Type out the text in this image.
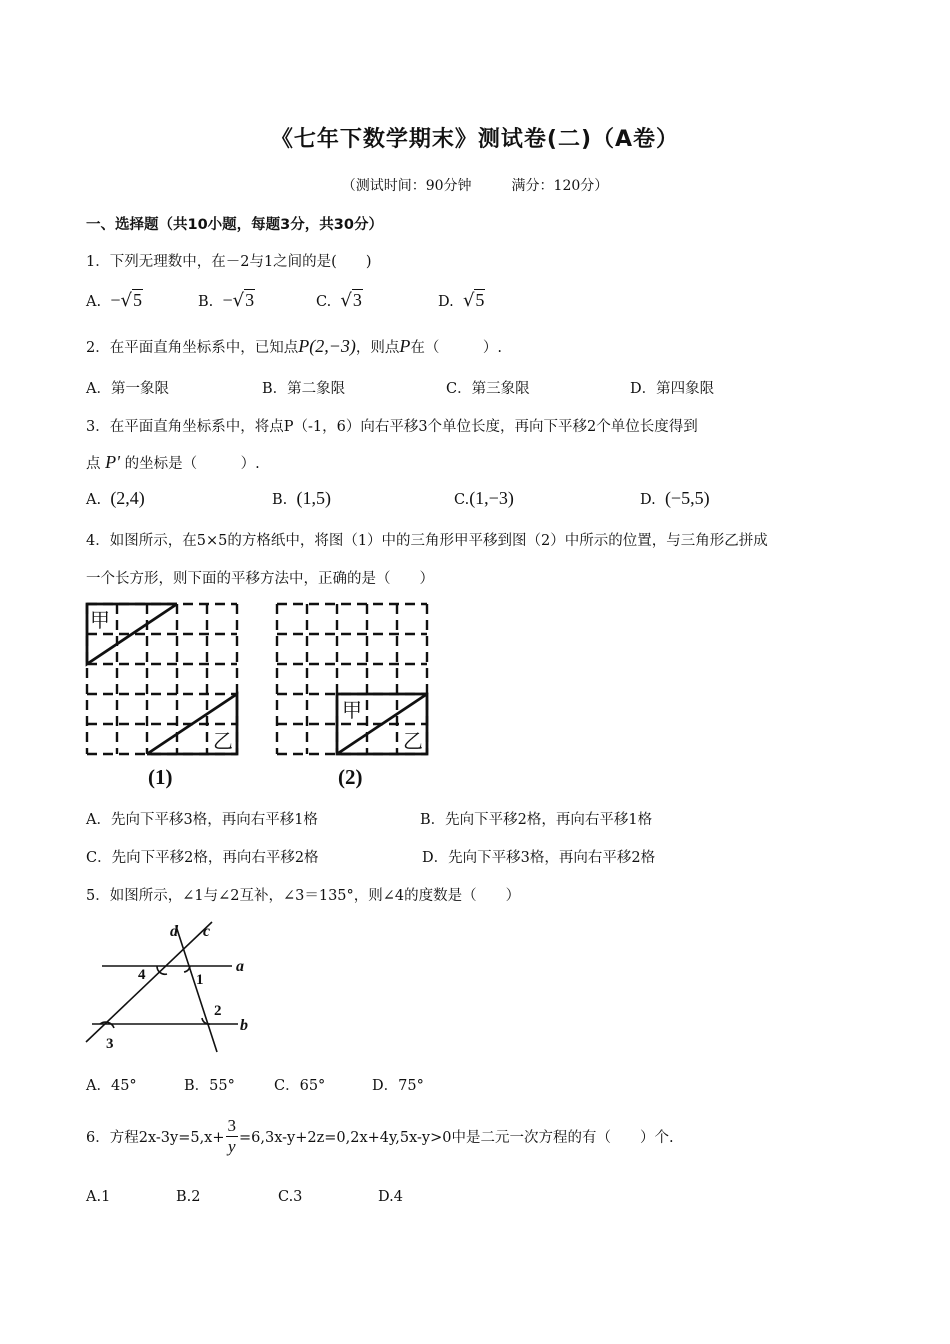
《七年下数学期末》测试卷(二)（A卷）
（测试时间：90分钟	满分：120分）
一、选择题（共10小题，每题3分，共30分）
1．下列无理数中，在－2与1之间的是(　　)
A. −√5	B. −√3	C. √3	D. √5
2．在平面直角坐标系中，已知点P(2,−3)，则点P在（　　　）.
A．第一象限	B．第二象限	C．第三象限	D．第四象限
3．在平面直角坐标系中，将点P（-1，6）向右平移3个单位长度，再向下平移2个单位长度得到
点 P' 的坐标是（　　　）.
A. (2,4)	B. (1,5)	C.(1,−3)	D. (−5,5)
4．如图所示，在5×5的方格纸中，将图（1）中的三角形甲平移到图（2）中所示的位置，与三角形乙拼成
一个长方形，则下面的平移方法中，正确的是（　　）
甲
乙
(1)
甲
乙
(2)
A．先向下平移3格，再向右平移1格	B．先向下平移2格，再向右平移1格
C．先向下平移2格，再向右平移2格	D．先向下平移3格，再向右平移2格
5．如图所示，∠1与∠2互补，∠3＝135°，则∠4的度数是（　　）
d c
a
b
1
2
3
4
A．45°	B．55°	C．65°	D．75°
6．方程$2x-3y=5,x+ \frac{3}{y} =6,3x-y+2z=0,2x+4y,5x-y>0$中是二元一次方程的有（　　）个.
A.1	B.2	C.3	D.4
